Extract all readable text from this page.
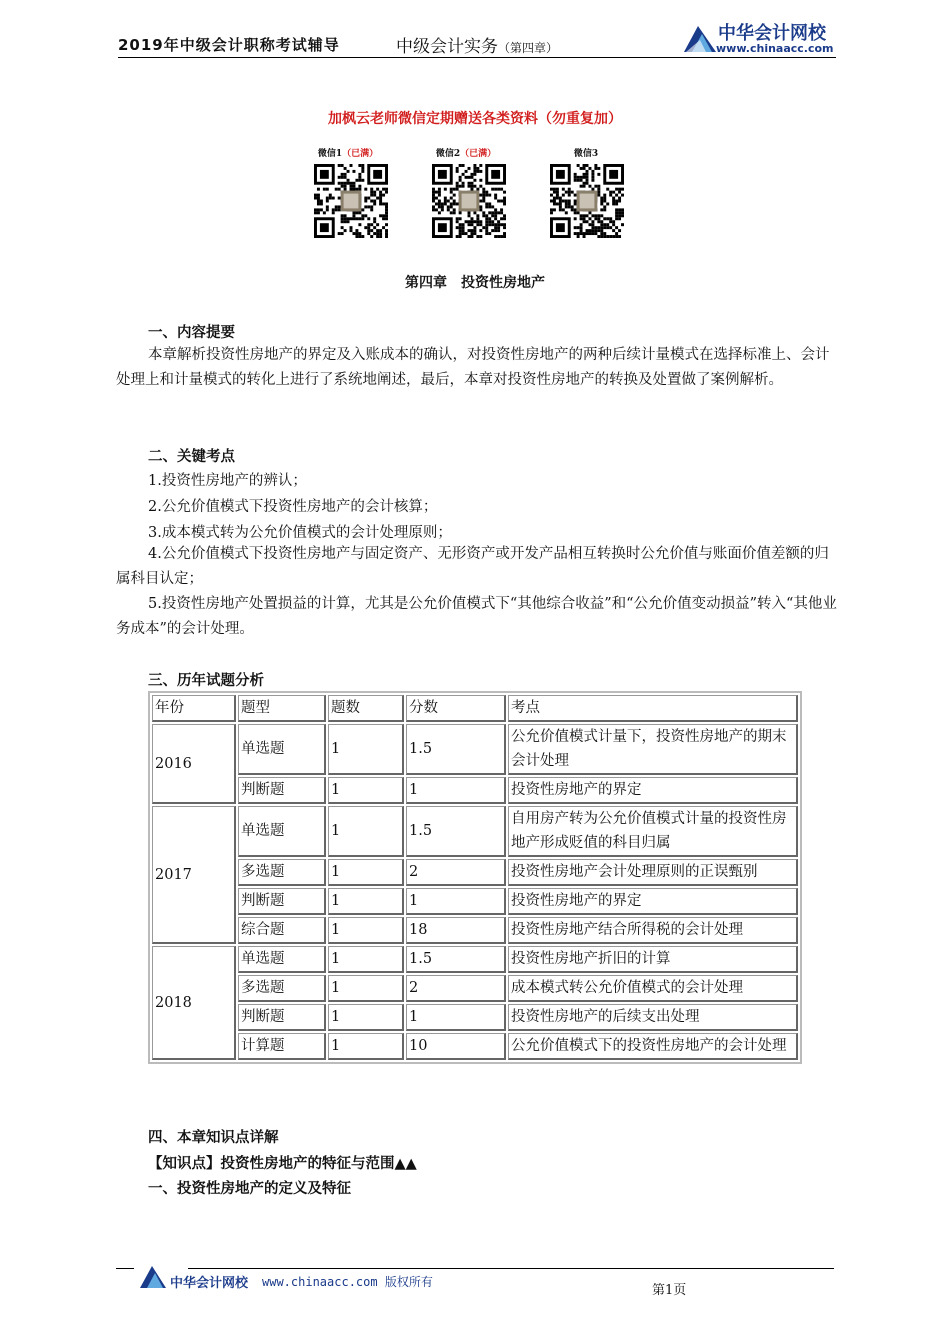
2019年中级会计职称考试辅导	中级会计实务（第四章）
中华会计网校
www.chinaacc.com
加枫云老师微信定期赠送各类资料（勿重复加）
微信1（已满）	微信2（已满）	微信3
第四章　投资性房地产
一、内容提要
本章解析投资性房地产的界定及入账成本的确认，对投资性房地产的两种后续计量模式在选择标准上、会计处理上和计量模式的转化上进行了系统地阐述，最后，本章对投资性房地产的转换及处置做了案例解析。
二、关键考点
1.投资性房地产的辨认；
2.公允价值模式下投资性房地产的会计核算；
3.成本模式转为公允价值模式的会计处理原则；
4.公允价值模式下投资性房地产与固定资产、无形资产或开发产品相互转换时公允价值与账面价值差额的归属科目认定；
5.投资性房地产处置损益的计算，尤其是公允价值模式下“其他综合收益”和“公允价值变动损益”转入“其他业务成本”的会计处理。
三、历年试题分析
年份	题型	题数	分数	考点
2016	单选题	1	1.5	公允价值模式计量下，投资性房地产的期末会计处理
	判断题	1	1	投资性房地产的界定
2017	单选题	1	1.5	自用房产转为公允价值模式计量的投资性房地产形成贬值的科目归属
	多选题	1	2	投资性房地产会计处理原则的正误甄别
	判断题	1	1	投资性房地产的界定
	综合题	1	18	投资性房地产结合所得税的会计处理
2018	单选题	1	1.5	投资性房地产折旧的计算
	多选题	1	2	成本模式转公允价值模式的会计处理
	判断题	1	1	投资性房地产的后续支出处理
	计算题	1	10	公允价值模式下的投资性房地产的会计处理
四、本章知识点详解
【知识点】投资性房地产的特征与范围▲▲
一、投资性房地产的定义及特征
中华会计网校 www.chinaacc.com 版权所有
第1页
